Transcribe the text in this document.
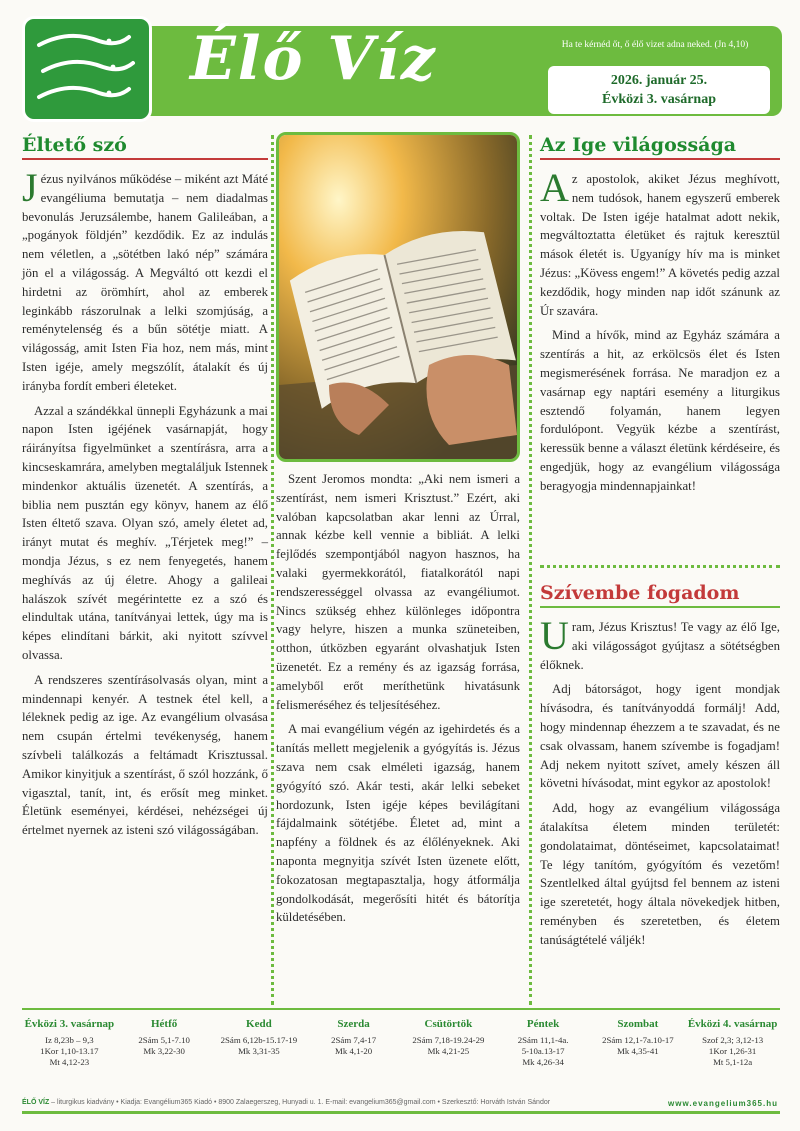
Élő Víz	Ha te kérnéd őt, ő élő vizet adna neked. (Jn 4,10)
2026. január 25.
Évközi 3. vasárnap
Éltető szó

Jézus nyilvános működése – miként azt Máté evangéliuma bemutatja – nem diadalmas bevonulás Jeruzsálembe, hanem Galileában, a „pogányok földjén” kezdődik. Ez az indulás nem véletlen, a „sötétben lakó nép” számára jön el a világosság. A Megváltó ott kezdi el hirdetni az örömhírt, ahol az emberek leginkább rászorulnak a lelki szomjúság, a reménytelenség és a bűn sötétje miatt. A világosság, amit Isten Fia hoz, nem más, mint Isten igéje, amely megszólít, átalakít és új irányba fordít emberi életeket.

Azzal a szándékkal ünnepli Egyházunk a mai napon Isten igéjének vasárnapját, hogy ráirányítsa figyelmünket a szentírásra, arra a kincseskamrára, amelyben megtaláljuk Istennek mindenkor aktuális üzenetét. A szentírás, a biblia nem pusztán egy könyv, hanem az élő Isten éltető szava. Olyan szó, amely életet ad, irányt mutat és meghív. „Térjetek meg!” – mondja Jézus, s ez nem fenyegetés, hanem meghívás az új életre. Ahogy a galileai halászok szívét megérintette ez a szó és elindultak utána, tanítványai lettek, úgy ma is képes elindítani bárkit, aki nyitott szívvel olvassa.

A rendszeres szentírásolvasás olyan, mint a mindennapi kenyér. A testnek étel kell, a léleknek pedig az ige. Az evangélium olvasása nem csupán értelmi tevékenység, hanem szívbeli találkozás a feltámadt Krisztussal. Amikor kinyitjuk a szentírást, ő szól hozzánk, ő vigasztal, tanít, int, és erősít meg minket. Életünk eseményei, kérdései, nehézségei új értelmet nyernek az isteni szó világosságában.

Szent Jeromos mondta: „Aki nem ismeri a szentírást, nem ismeri Krisztust.” Ezért, aki valóban kapcsolatban akar lenni az Úrral, annak kézbe kell vennie a bibliát. A lelki fejlődés szempontjából nagyon hasznos, ha valaki gyermekkorától, fiatalkorától napi rendszerességgel olvassa az evangéliumot. Nincs szükség ehhez különleges időpontra vagy helyre, hiszen a munka szüneteiben, otthon, útközben egyaránt olvashatjuk Isten üzenetét. Ez a remény és az igazság forrása, amelyből erőt meríthetünk hivatásunk felismeréséhez és teljesítéséhez.

A mai evangélium végén az igehirdetés és a tanítás mellett megjelenik a gyógyítás is. Jézus szava nem csak elméleti igazság, hanem gyógyító szó. Akár testi, akár lelki sebeket hordozunk, Isten igéje képes bevilágítani fájdalmaink sötétjébe. Életet ad, mint a napfény a földnek és az élőlényeknek. Aki naponta megnyitja szívét Isten üzenete előtt, fokozatosan megtapasztalja, hogy átformálja gondolkodását, megerősíti hitét és bátorítja küldetésében.

Az Ige világossága

Az apostolok, akiket Jézus meghívott, nem tudósok, hanem egyszerű emberek voltak. De Isten igéje hatalmat adott nekik, megváltoztatta életüket és rajtuk keresztül mások életét is. Ugyanígy hív ma is minket Jézus: „Kövess engem!” A követés pedig azzal kezdődik, hogy minden nap időt szánunk az Úr szavára.

Mind a hívők, mind az Egyház számára a szentírás a hit, az erkölcsös élet és Isten megismerésének forrása. Ne maradjon ez a vasárnap egy naptári esemény a liturgikus esztendő folyamán, hanem legyen fordulópont. Vegyük kézbe a szentírást, keressük benne a választ életünk kérdéseire, és engedjük, hogy az evangélium világossága beragyogja mindennapjainkat!

Szívembe fogadom

Uram, Jézus Krisztus! Te vagy az élő Ige, aki világosságot gyújtasz a sötétségben élőknek.

Adj bátorságot, hogy igent mondjak hívásodra, és tanítványoddá formálj! Add, hogy mindennap éhezzem a te szavadat, és ne csak olvassam, hanem szívembe is fogadjam! Adj nekem nyitott szívet, amely készen áll követni hívásodat, mint egykor az apostolok!

Add, hogy az evangélium világossága átalakítsa életem minden területét: gondolataimat, döntéseimet, kapcsolataimat! Te légy tanítóm, gyógyítóm és vezetőm! Szentlelked által gyújtsd fel bennem az isteni ige szeretetét, hogy általa növekedjek hitben, reményben és szeretetben, és életem tanúságtételé váljék!

Évközi 3. vasárnap
Iz 8,23b – 9,3
1Kor 1,10-13.17
Mt 4,12-23
Hétfő
2Sám 5,1-7.10
Mk 3,22-30
Kedd
2Sám 6,12b-15.17-19
Mk 3,31-35
Szerda
2Sám 7,4-17
Mk 4,1-20
Csütörtök
2Sám 7,18-19.24-29
Mk 4,21-25
Péntek
2Sám 11,1-4a.
5-10a.13-17
Mk 4,26-34
Szombat
2Sám 12,1-7a.10-17
Mk 4,35-41
Évközi 4. vasárnap
Szof 2,3; 3,12-13
1Kor 1,26-31
Mt 5,1-12a
ÉLŐ VÍZ – liturgikus kiadvány • Kiadja: Evangélium365 Kiadó • 8900 Zalaegerszeg, Hunyadi u. 1. E-mail: evangelium365@gmail.com • Szerkesztő: Horváth István Sándor	www.evangelium365.hu
